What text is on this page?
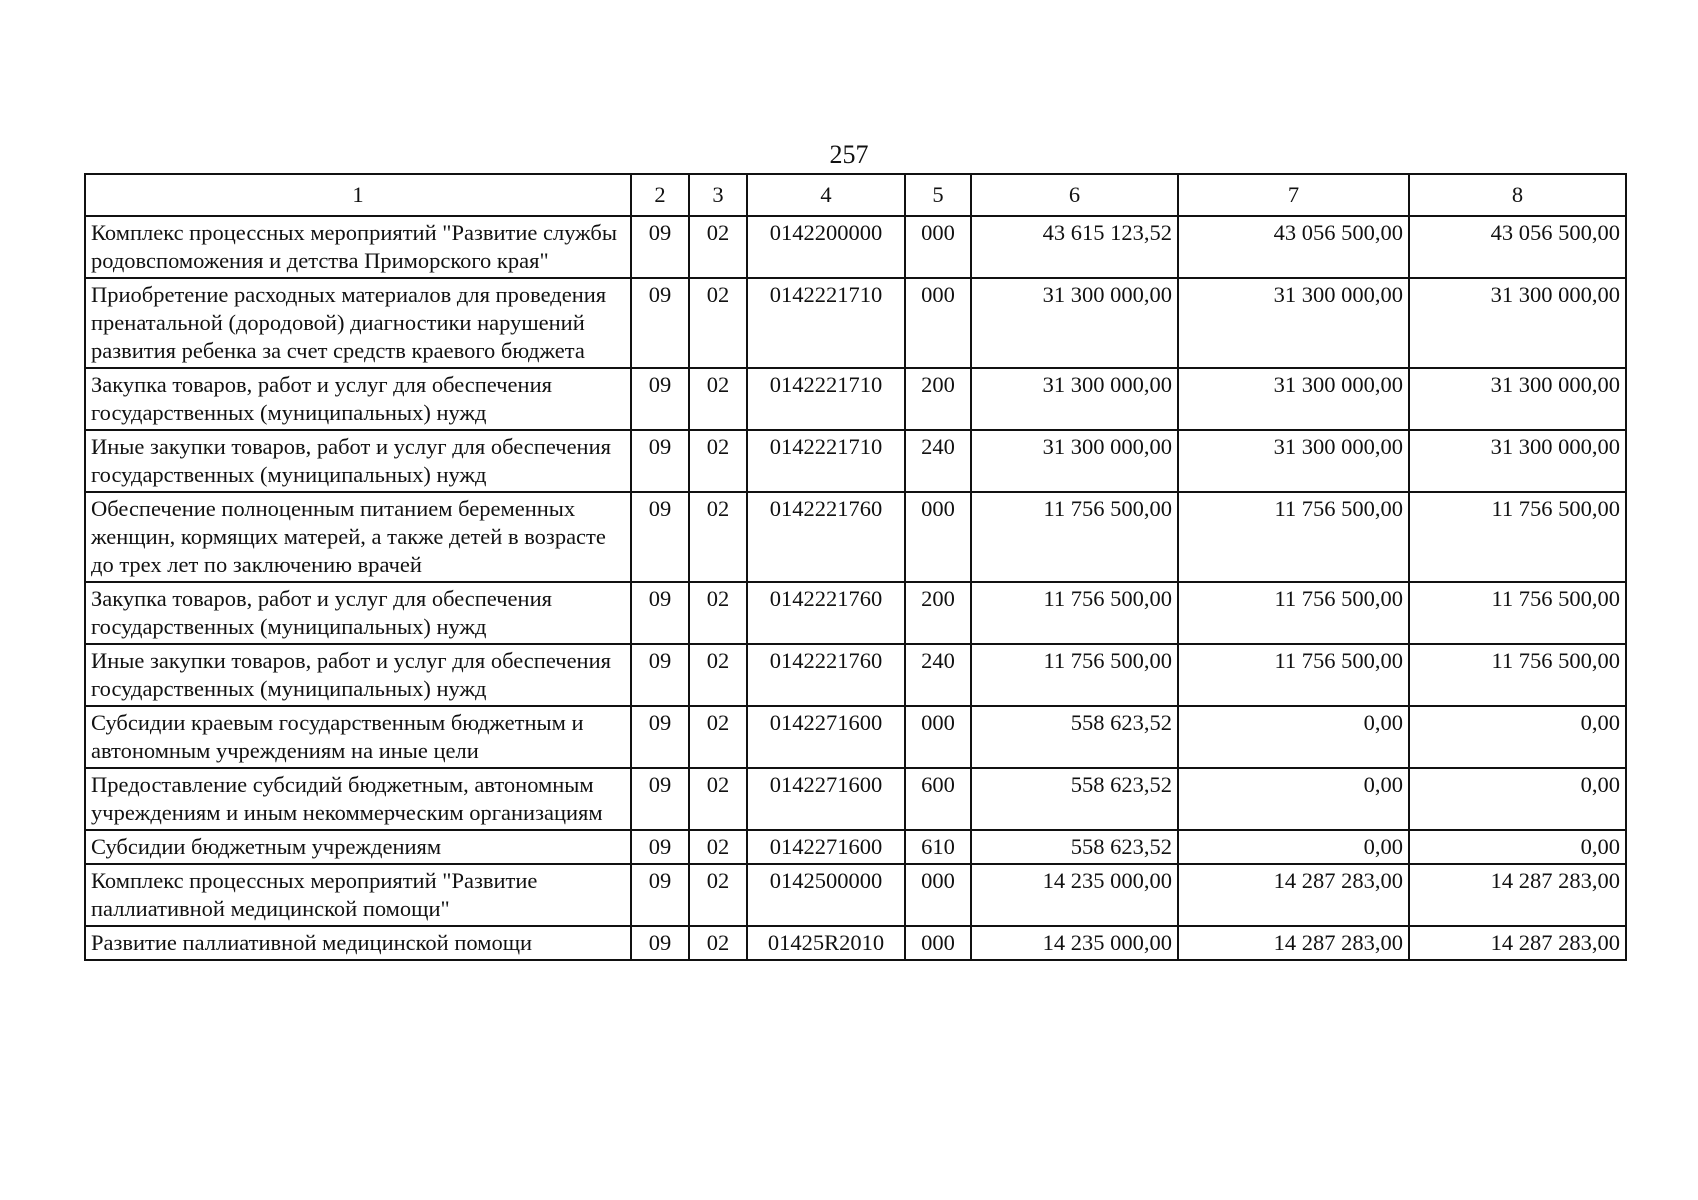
257
1	2	3	4	5	6	7	8
Комплекс процессных мероприятий "Развитие службы родовспоможения и детства Приморского края"	09	02	0142200000	000	43 615 123,52	43 056 500,00	43 056 500,00
Приобретение расходных материалов для проведения пренатальной (дородовой) диагностики нарушений развития ребенка за счет средств краевого бюджета	09	02	0142221710	000	31 300 000,00	31 300 000,00	31 300 000,00
Закупка товаров, работ и услуг для обеспечения государственных (муниципальных) нужд	09	02	0142221710	200	31 300 000,00	31 300 000,00	31 300 000,00
Иные закупки товаров, работ и услуг для обеспечения государственных (муниципальных) нужд	09	02	0142221710	240	31 300 000,00	31 300 000,00	31 300 000,00
Обеспечение полноценным питанием беременных женщин, кормящих матерей, а также детей в возрасте до трех лет по заключению врачей	09	02	0142221760	000	11 756 500,00	11 756 500,00	11 756 500,00
Закупка товаров, работ и услуг для обеспечения государственных (муниципальных) нужд	09	02	0142221760	200	11 756 500,00	11 756 500,00	11 756 500,00
Иные закупки товаров, работ и услуг для обеспечения государственных (муниципальных) нужд	09	02	0142221760	240	11 756 500,00	11 756 500,00	11 756 500,00
Субсидии краевым государственным бюджетным и автономным учреждениям на иные цели	09	02	0142271600	000	558 623,52	0,00	0,00
Предоставление субсидий бюджетным, автономным учреждениям и иным некоммерческим организациям	09	02	0142271600	600	558 623,52	0,00	0,00
Субсидии бюджетным учреждениям	09	02	0142271600	610	558 623,52	0,00	0,00
Комплекс процессных мероприятий "Развитие паллиативной медицинской помощи"	09	02	0142500000	000	14 235 000,00	14 287 283,00	14 287 283,00
Развитие паллиативной медицинской помощи	09	02	01425R2010	000	14 235 000,00	14 287 283,00	14 287 283,00
